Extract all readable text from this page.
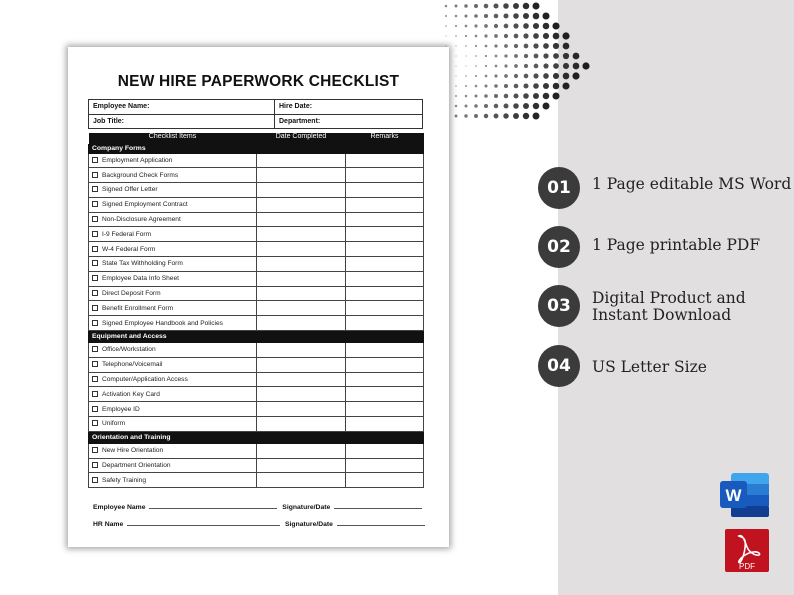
NEW HIRE PAPERWORK CHECKLIST
Employee Name:	Hire Date:
Job Title:	Department:
Checklist Items	Date Completed	Remarks
Company Forms		
Employment Application		
Background Check Forms		
Signed Offer Letter		
Signed Employment Contract		
Non-Disclosure Agreement		
I-9 Federal Form		
W-4 Federal Form		
State Tax Withholding Form		
Employee Data Info Sheet		
Direct Deposit Form		
Benefit Enrollment Form		
Signed Employee Handbook and Policies		
Equipment and Access		
Office/Workstation		
Telephone/Voicemail		
Computer/Application Access		
Activation Key Card		
Employee ID		
Uniform		
Orientation and Training		
New Hire Orientation		
Department Orientation		
Safety Training		
Employee Name	Signature/Date
HR Name	Signature/Date
01	1 Page editable MS Word
02	1 Page printable PDF
03	Digital Product and
Instant Download
04	US Letter Size
W
PDF
